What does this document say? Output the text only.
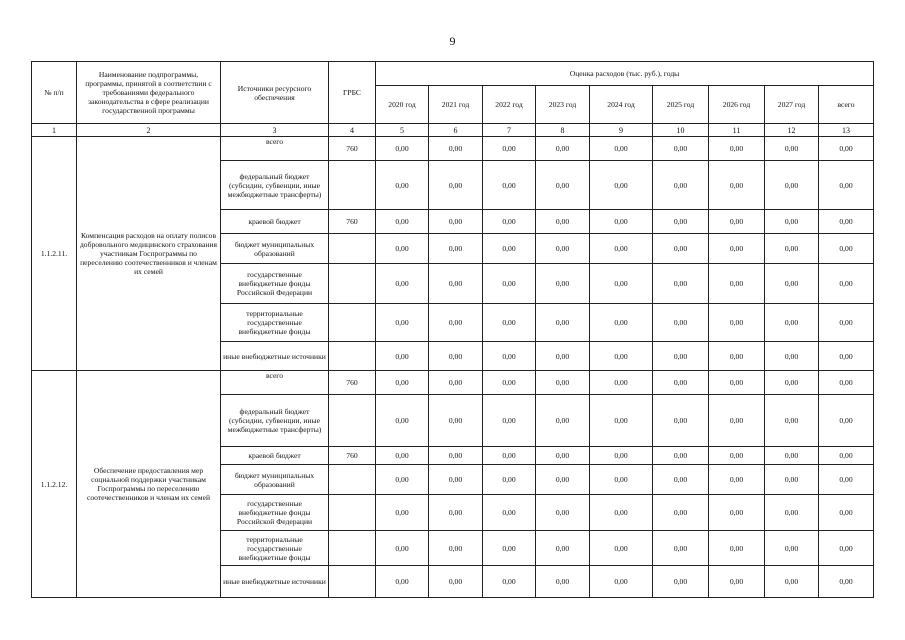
9
№ п/п	Наименование подпрограммы, программы, принятой в соответствии с требованиями федерального законодательства в сфере реализации государственной программы	Источники ресурсного обеспечения	ГРБС	Оценка расходов (тыс. руб.), годы								
				2020 год	2021 год	2022 год	2023 год	2024 год	2025 год	2026 год	2027 год	всего
1	2	3	4	5	6	7	8	9	10	11	12	13
1.1.2.11.	Компенсация расходов на оплату полисов добровольного медицинского страхования участникам Госпрограммы по переселению соотечественников и членам их семей	всего	760	0,00	0,00	0,00	0,00	0,00	0,00	0,00	0,00	0,00
		федеральный бюджет (субсидии, субвенции, иные межбюджетные трансферты)		0,00	0,00	0,00	0,00	0,00	0,00	0,00	0,00	0,00
		краевой бюджет	760	0,00	0,00	0,00	0,00	0,00	0,00	0,00	0,00	0,00
		бюджет муниципальных образований		0,00	0,00	0,00	0,00	0,00	0,00	0,00	0,00	0,00
		государственные внебюджетные фонды Российской Федерации		0,00	0,00	0,00	0,00	0,00	0,00	0,00	0,00	0,00
		территориальные государственные внебюджетные фонды		0,00	0,00	0,00	0,00	0,00	0,00	0,00	0,00	0,00
		иные внебюджетные источники		0,00	0,00	0,00	0,00	0,00	0,00	0,00	0,00	0,00
1.1.2.12.	Обеспечение предоставления мер социальной поддержки участникам Госпрограммы по переселению соотечественников и членам их семей	всего	760	0,00	0,00	0,00	0,00	0,00	0,00	0,00	0,00	0,00
		федеральный бюджет (субсидии, субвенции, иные межбюджетные трансферты)		0,00	0,00	0,00	0,00	0,00	0,00	0,00	0,00	0,00
		краевой бюджет	760	0,00	0,00	0,00	0,00	0,00	0,00	0,00	0,00	0,00
		бюджет муниципальных образований		0,00	0,00	0,00	0,00	0,00	0,00	0,00	0,00	0,00
		государственные внебюджетные фонды Российской Федерации		0,00	0,00	0,00	0,00	0,00	0,00	0,00	0,00	0,00
		территориальные государственные внебюджетные фонды		0,00	0,00	0,00	0,00	0,00	0,00	0,00	0,00	0,00
		иные внебюджетные источники		0,00	0,00	0,00	0,00	0,00	0,00	0,00	0,00	0,00
